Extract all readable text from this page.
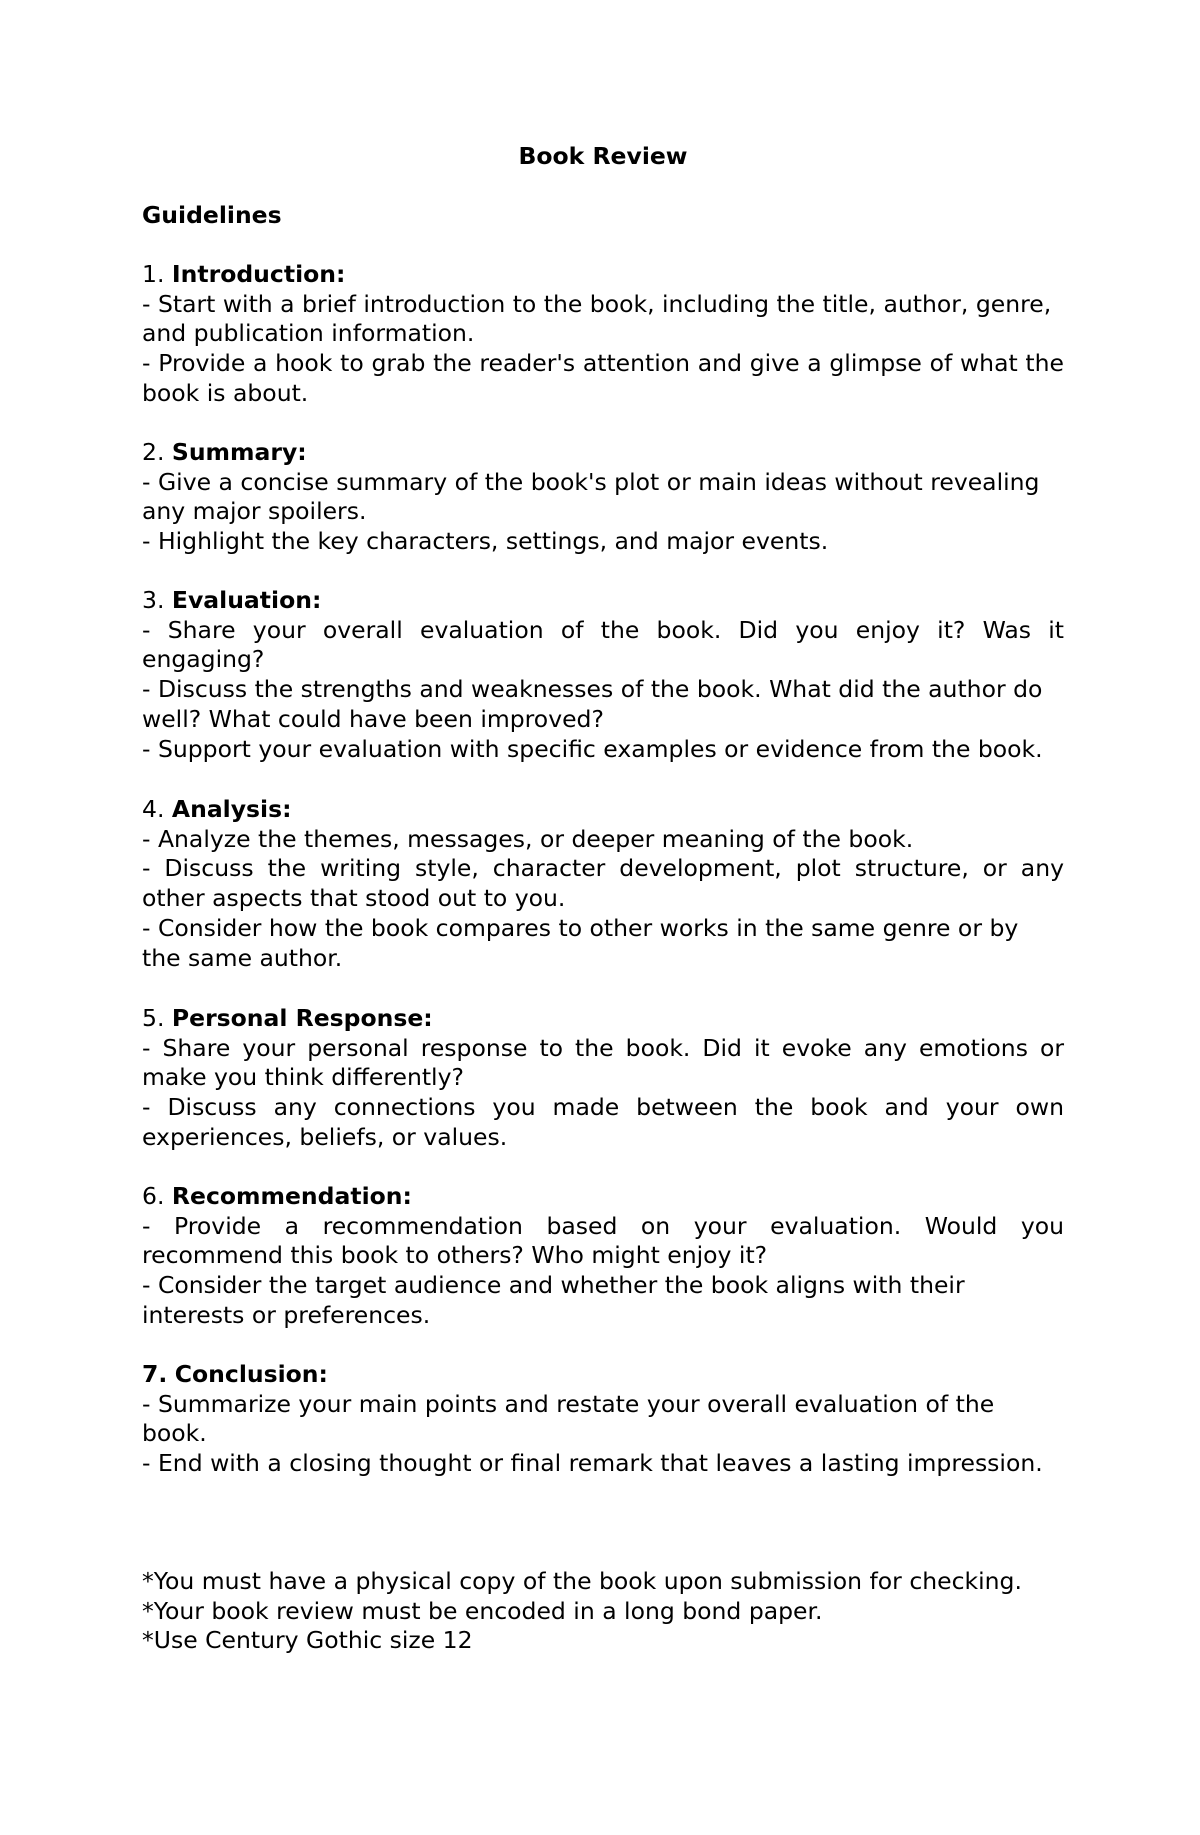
Book Review
Guidelines
1. Introduction:

- Start with a brief introduction to the book, including the title, author, genre, and publication information.

- Provide a hook to grab the reader's attention and give a glimpse of what the book is about.

2. Summary:

- Give a concise summary of the book's plot or main ideas without revealing any major spoilers.

- Highlight the key characters, settings, and major events.

3. Evaluation:

- Share your overall evaluation of the book. Did you enjoy it? Was it engaging?

- Discuss the strengths and weaknesses of the book. What did the author do well? What could have been improved?

- Support your evaluation with specific examples or evidence from the book.

4. Analysis:

- Analyze the themes, messages, or deeper meaning of the book.

- Discuss the writing style, character development, plot structure, or any other aspects that stood out to you.

- Consider how the book compares to other works in the same genre or by the same author.

5. Personal Response:

- Share your personal response to the book. Did it evoke any emotions or make you think differently?

- Discuss any connections you made between the book and your own experiences, beliefs, or values.

6. Recommendation:

- Provide a recommendation based on your evaluation. Would you recommend this book to others? Who might enjoy it?

- Consider the target audience and whether the book aligns with their interests or preferences.

7. Conclusion:

- Summarize your main points and restate your overall evaluation of the book.

- End with a closing thought or final remark that leaves a lasting impression.

*You must have a physical copy of the book upon submission for checking.

*Your book review must be encoded in a long bond paper.

*Use Century Gothic size 12
